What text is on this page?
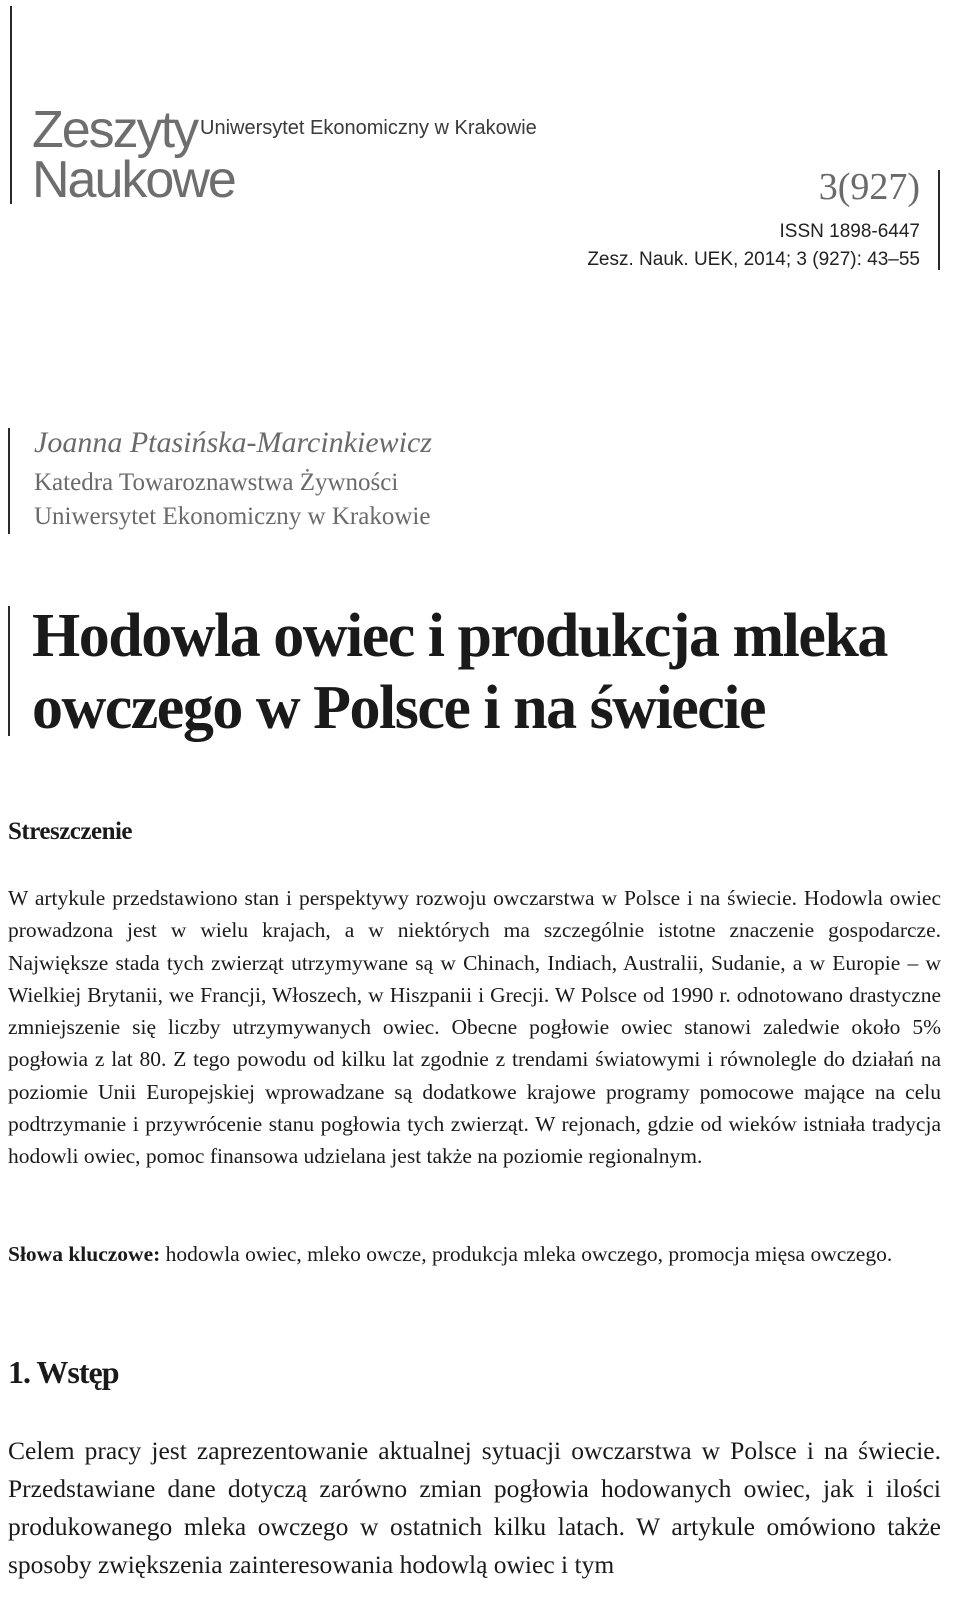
Zeszyty
Naukowe
Uniwersytet Ekonomiczny w Krakowie
3(927)
ISSN 1898-6447
Zesz. Nauk. UEK, 2014; 3 (927): 43–55
Joanna Ptasińska-Marcinkiewicz
Katedra Towaroznawstwa Żywności
Uniwersytet Ekonomiczny w Krakowie
Hodowla owiec i produkcja mleka owczego w Polsce i na świecie
Streszczenie

W artykule przedstawiono stan i perspektywy rozwoju owczarstwa w Polsce i na świecie. Hodowla owiec prowadzona jest w wielu krajach, a w niektórych ma szczególnie istotne znaczenie gospodarcze. Największe stada tych zwierząt utrzymywane są w Chinach, Indiach, Australii, Sudanie, a w Europie – w Wielkiej Brytanii, we Francji, Włoszech, w Hiszpanii i Grecji. W Polsce od 1990 r. odnotowano drastyczne zmniejszenie się liczby utrzymywanych owiec. Obecne pogłowie owiec stanowi zaledwie około 5% pogłowia z lat 80. Z tego powodu od kilku lat zgodnie z trendami światowymi i równolegle do działań na poziomie Unii Europejskiej wprowadzane są dodatkowe krajowe programy pomocowe mające na celu podtrzymanie i przywrócenie stanu pogłowia tych zwierząt. W rejonach, gdzie od wieków istniała tradycja hodowli owiec, pomoc finansowa udzielana jest także na poziomie regionalnym.

Słowa kluczowe: hodowla owiec, mleko owcze, produkcja mleka owczego, promocja mięsa owczego.

1. Wstęp

Celem pracy jest zaprezentowanie aktualnej sytuacji owczarstwa w Polsce i na świecie. Przedstawiane dane dotyczą zarówno zmian pogłowia hodowanych owiec, jak i ilości produkowanego mleka owczego w ostatnich kilku latach. W artykule omówiono także sposoby zwiększenia zainteresowania hodowlą owiec i tym
